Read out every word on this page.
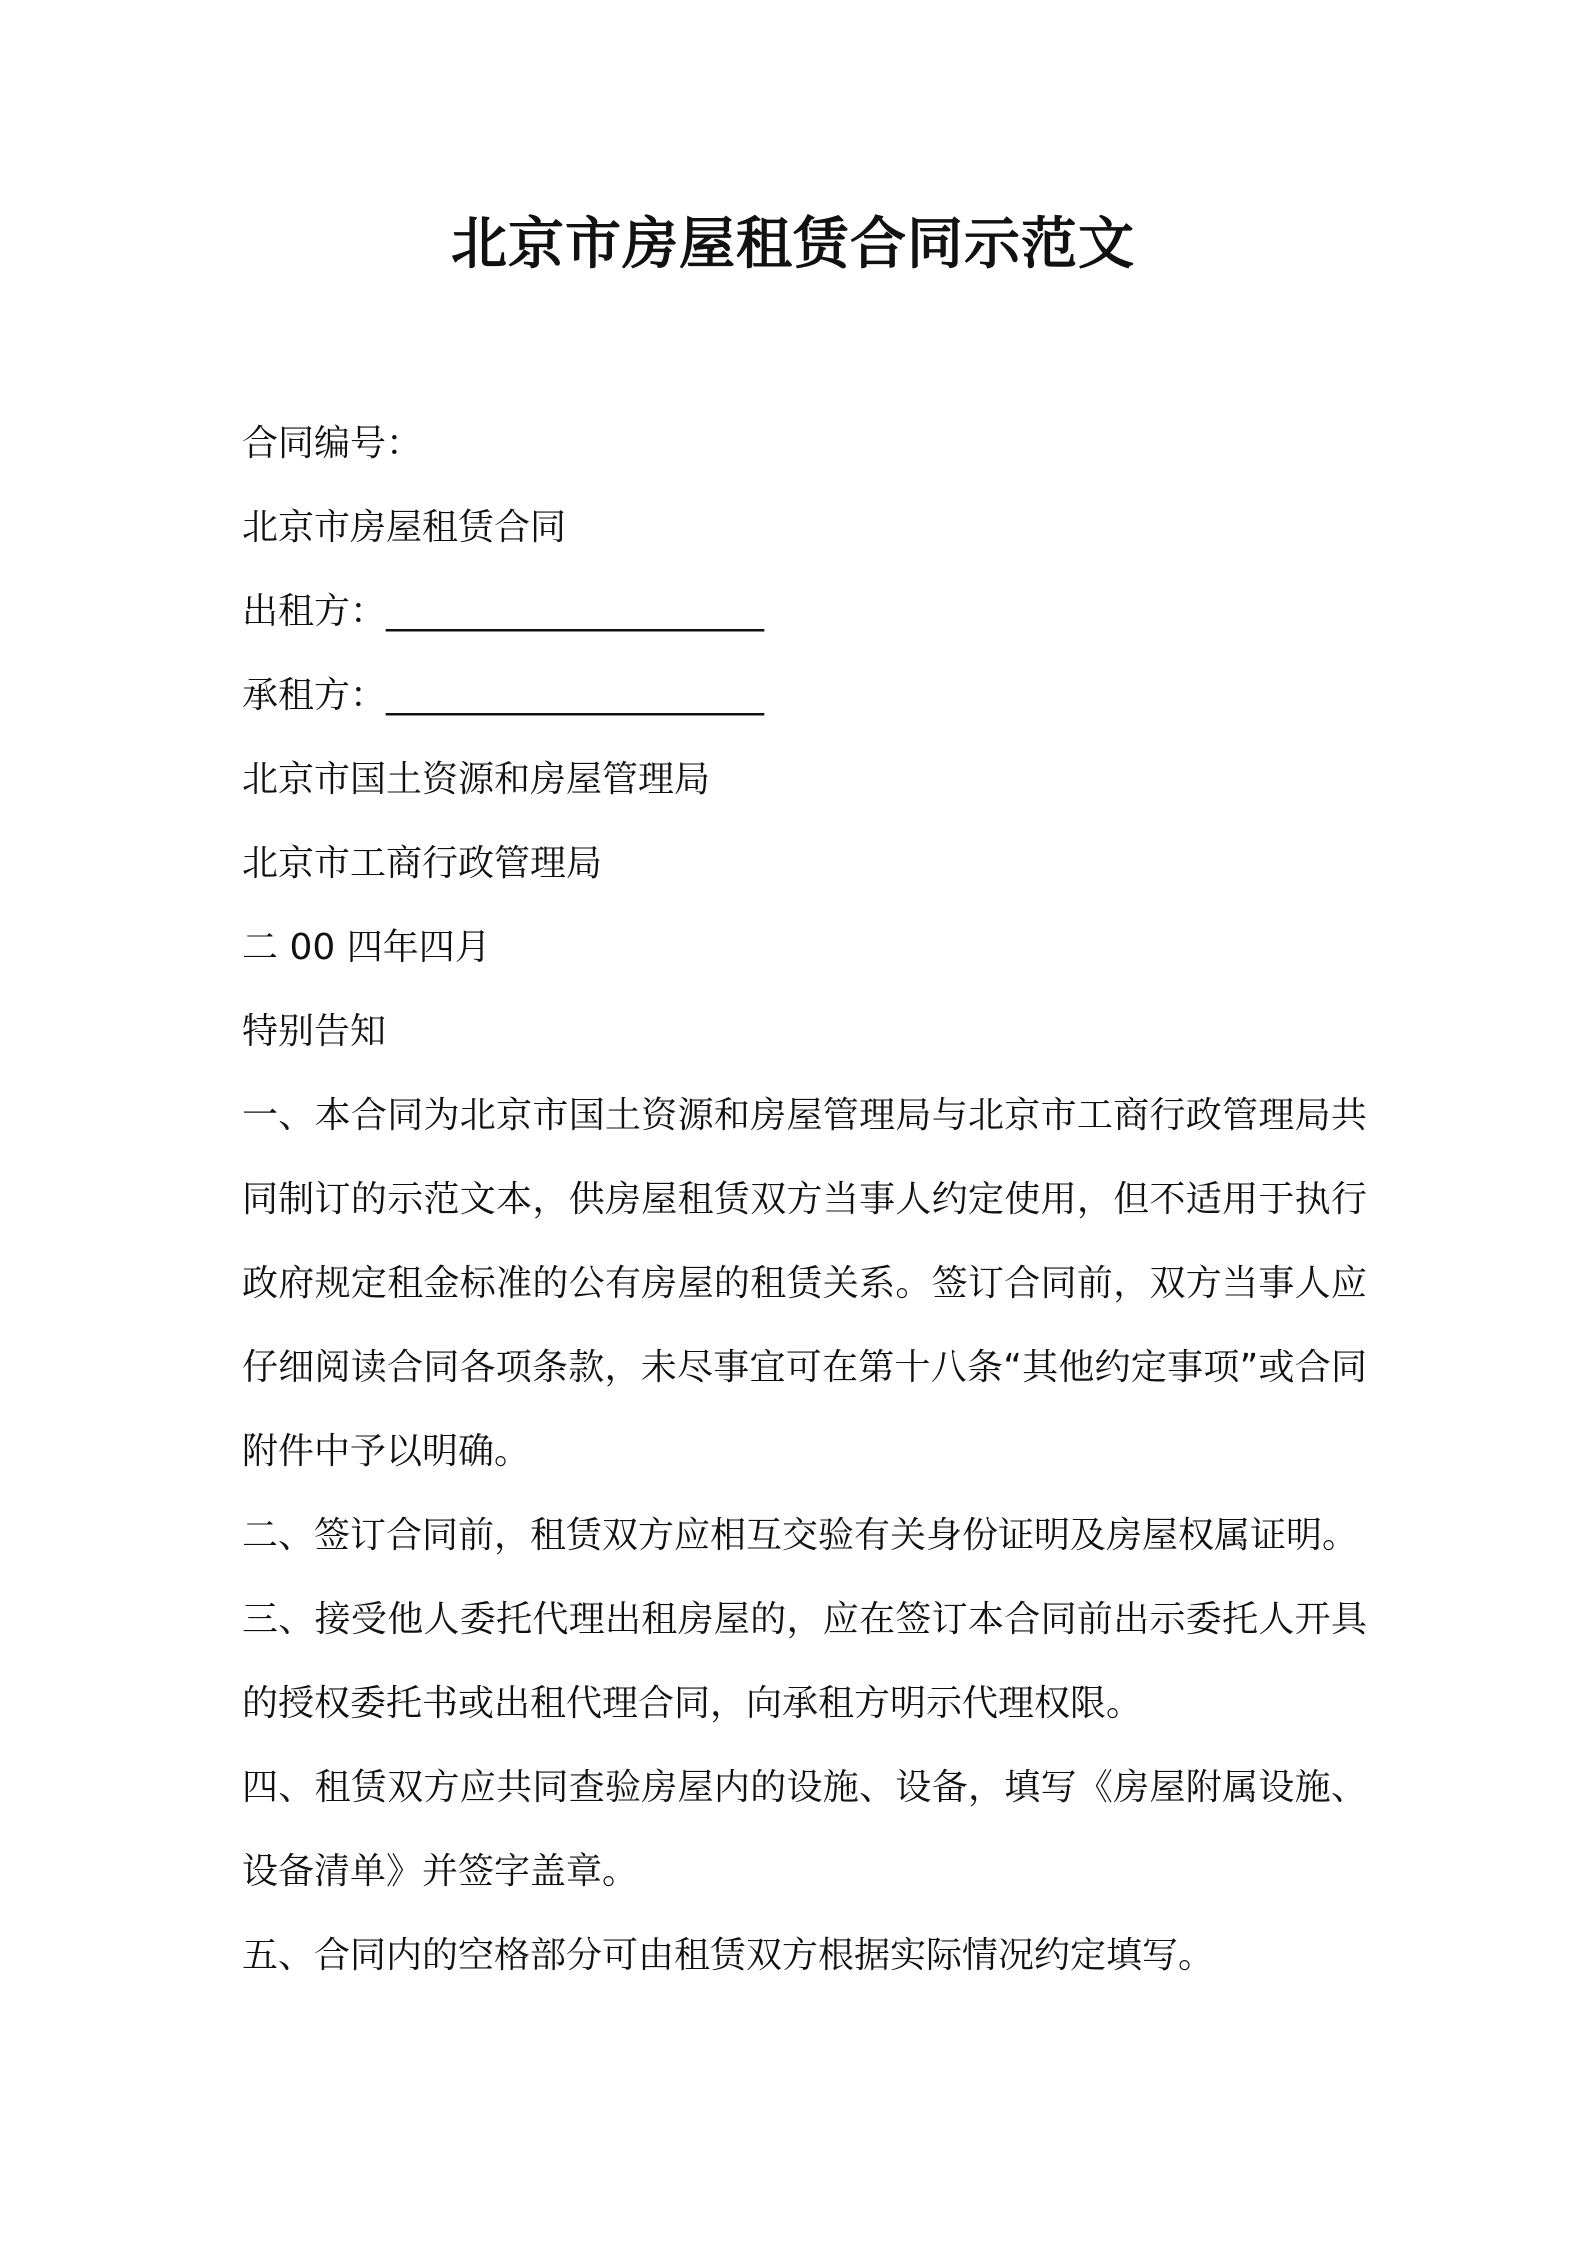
北京市房屋租赁合同示范文

合同编号：

北京市房屋租赁合同

出租方：_____________________

承租方：_____________________

北京市国土资源和房屋管理局

北京市工商行政管理局

二 00 四年四月

特别告知

一、本合同为北京市国土资源和房屋管理局与北京市工商行政管理局共同制订的示范文本，供房屋租赁双方当事人约定使用，但不适用于执行政府规定租金标准的公有房屋的租赁关系。签订合同前，双方当事人应仔细阅读合同各项条款，未尽事宜可在第十八条“其他约定事项”或合同附件中予以明确。

二、签订合同前，租赁双方应相互交验有关身份证明及房屋权属证明。

三、接受他人委托代理出租房屋的，应在签订本合同前出示委托人开具的授权委托书或出租代理合同，向承租方明示代理权限。

四、租赁双方应共同查验房屋内的设施、设备，填写《房屋附属设施、设备清单》并签字盖章。

五、合同内的空格部分可由租赁双方根据实际情况约定填写。
